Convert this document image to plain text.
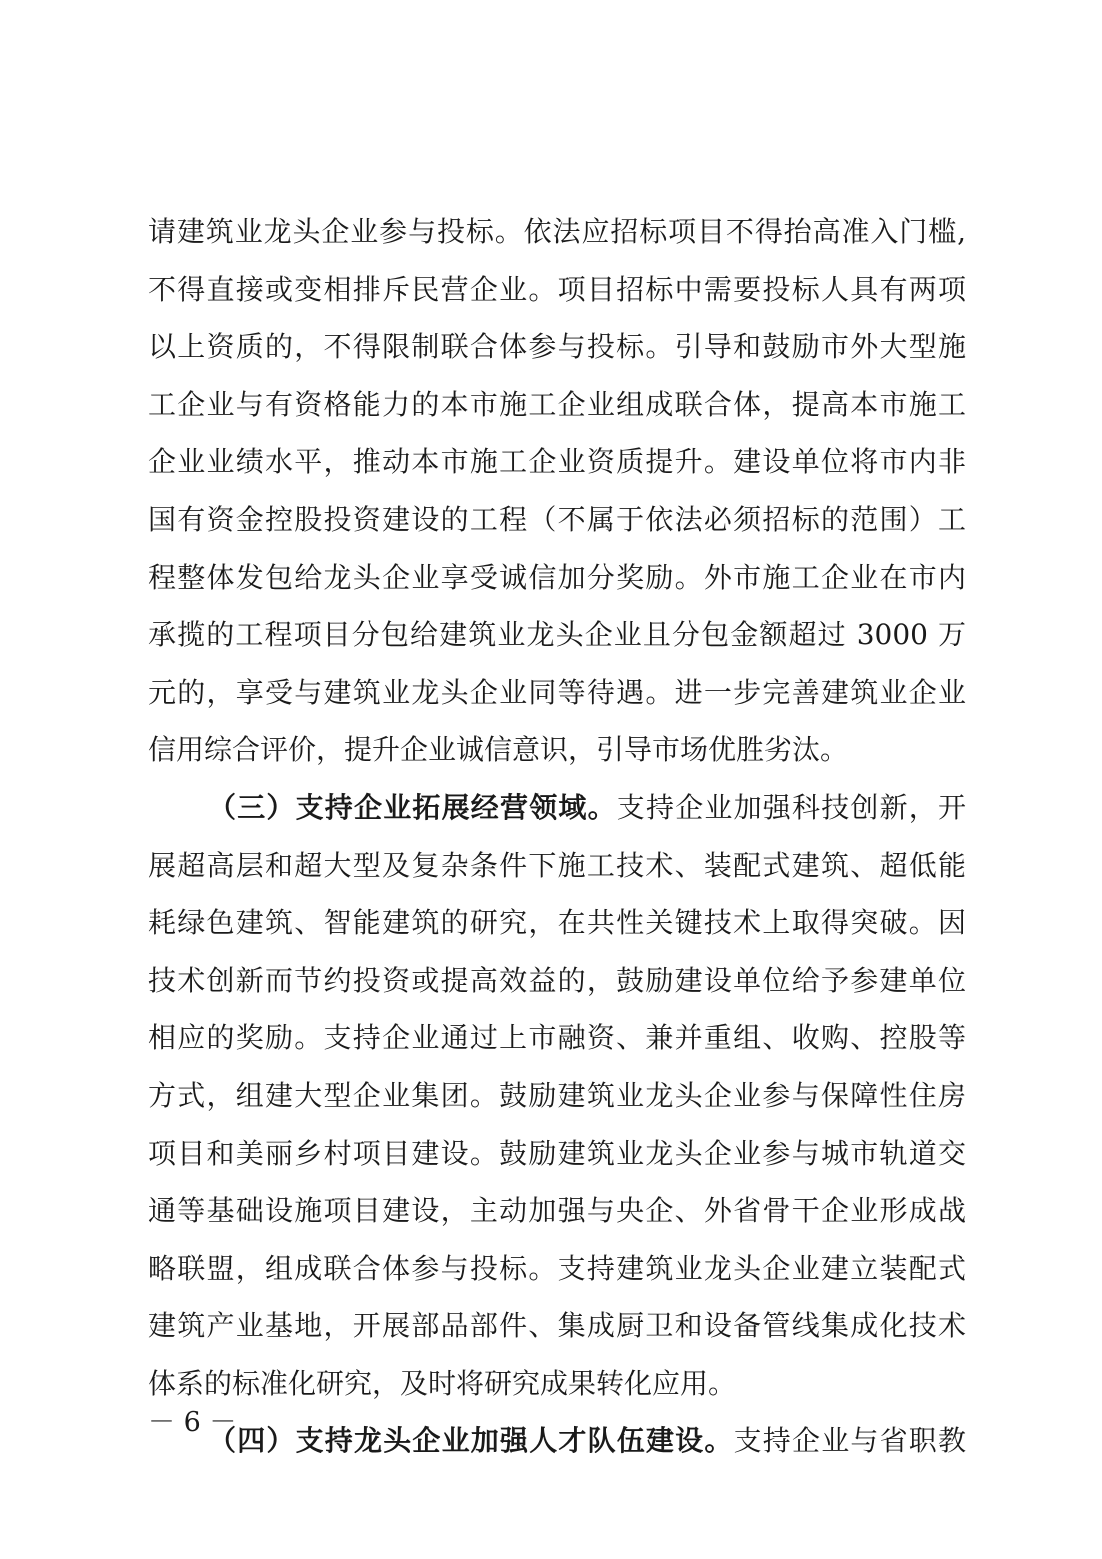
请建筑业龙头企业参与投标。依法应招标项目不得抬高准入门槛,
不得直接或变相排斥民营企业。项目招标中需要投标人具有两项
以上资质的，不得限制联合体参与投标。引导和鼓励市外大型施
工企业与有资格能力的本市施工企业组成联合体，提高本市施工
企业业绩水平，推动本市施工企业资质提升。建设单位将市内非
国有资金控股投资建设的工程（不属于依法必须招标的范围）工
程整体发包给龙头企业享受诚信加分奖励。外市施工企业在市内
承揽的工程项目分包给建筑业龙头企业且分包金额超过 3000 万
元的，享受与建筑业龙头企业同等待遇。进一步完善建筑业企业
信用综合评价，提升企业诚信意识，引导市场优胜劣汰。
（三）支持企业拓展经营领域。支持企业加强科技创新，开
展超高层和超大型及复杂条件下施工技术、装配式建筑、超低能
耗绿色建筑、智能建筑的研究，在共性关键技术上取得突破。因
技术创新而节约投资或提高效益的，鼓励建设单位给予参建单位
相应的奖励。支持企业通过上市融资、兼并重组、收购、控股等
方式，组建大型企业集团。鼓励建筑业龙头企业参与保障性住房
项目和美丽乡村项目建设。鼓励建筑业龙头企业参与城市轨道交
通等基础设施项目建设，主动加强与央企、外省骨干企业形成战
略联盟，组成联合体参与投标。支持建筑业龙头企业建立装配式
建筑产业基地，开展部品部件、集成厨卫和设备管线集成化技术
体系的标准化研究，及时将研究成果转化应用。
（四）支持龙头企业加强人才队伍建设。支持企业与省职教
－ 6 －
